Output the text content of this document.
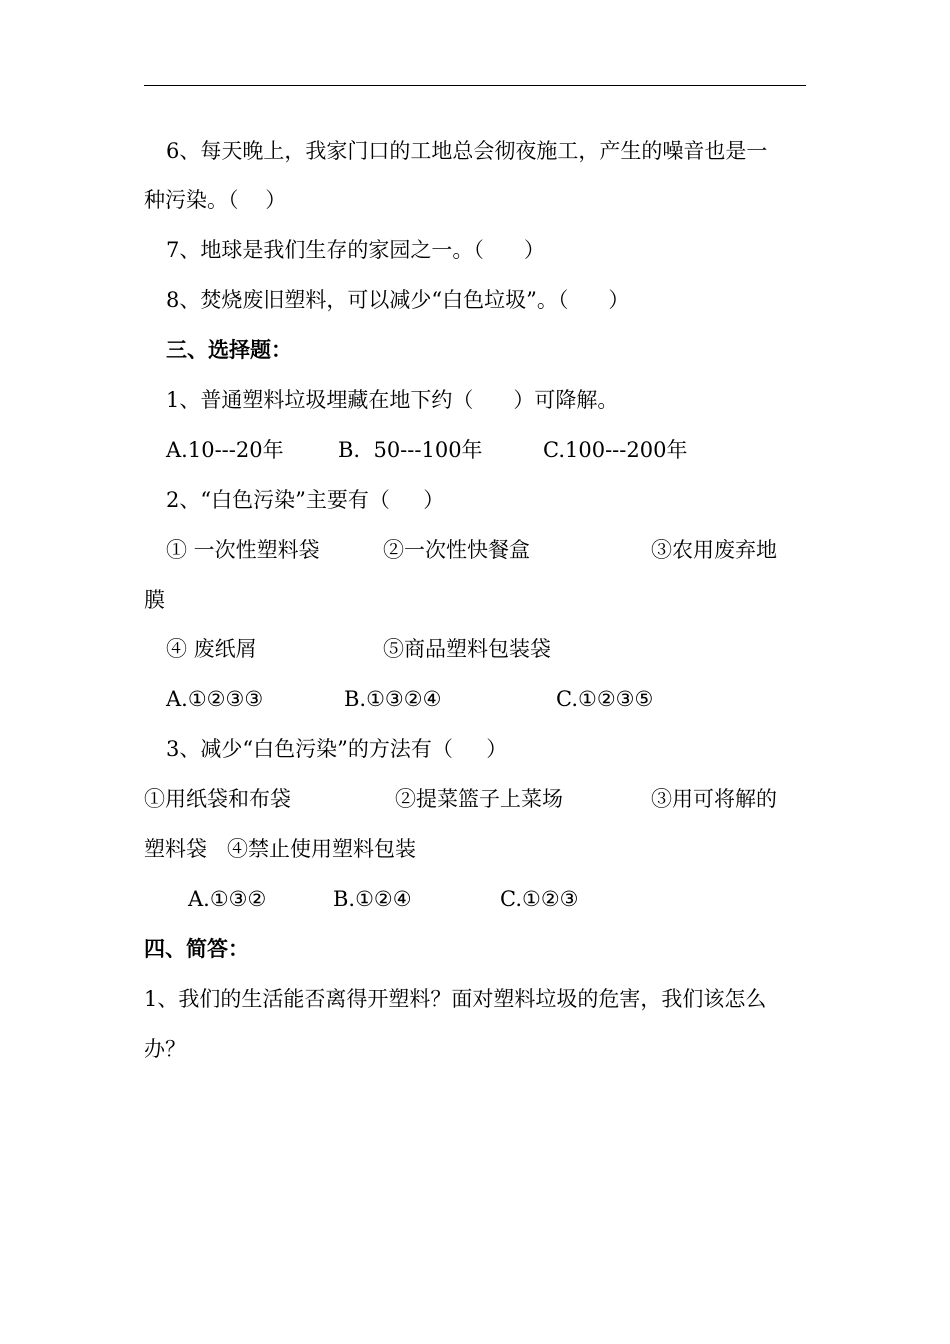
6、每天晚上，我家门口的工地总会彻夜施工，产生的噪音也是一
种污染。（    ）
7、地球是我们生存的家园之一。（      ）
8、焚烧废旧塑料，可以减少“白色垃圾”。（      ）
三、选择题：
1、普通塑料垃圾埋藏在地下约（      ）可降解。
A.10---20年	B.  50---100年	C.100---200年
2、“白色污染”主要有（     ）
① 一次性塑料袋	②一次性快餐盒	③农用废弃地
膜
④ 废纸屑	⑤商品塑料包装袋
A.①②③③	B.①③②④	C.①②③⑤
3、减少“白色污染”的方法有（     ）
①用纸袋和布袋	②提菜篮子上菜场	③用可将解的
塑料袋   ④禁止使用塑料包装
A.①③②	B.①②④	C.①②③
四、简答：
1、我们的生活能否离得开塑料？面对塑料垃圾的危害，我们该怎么
办？
